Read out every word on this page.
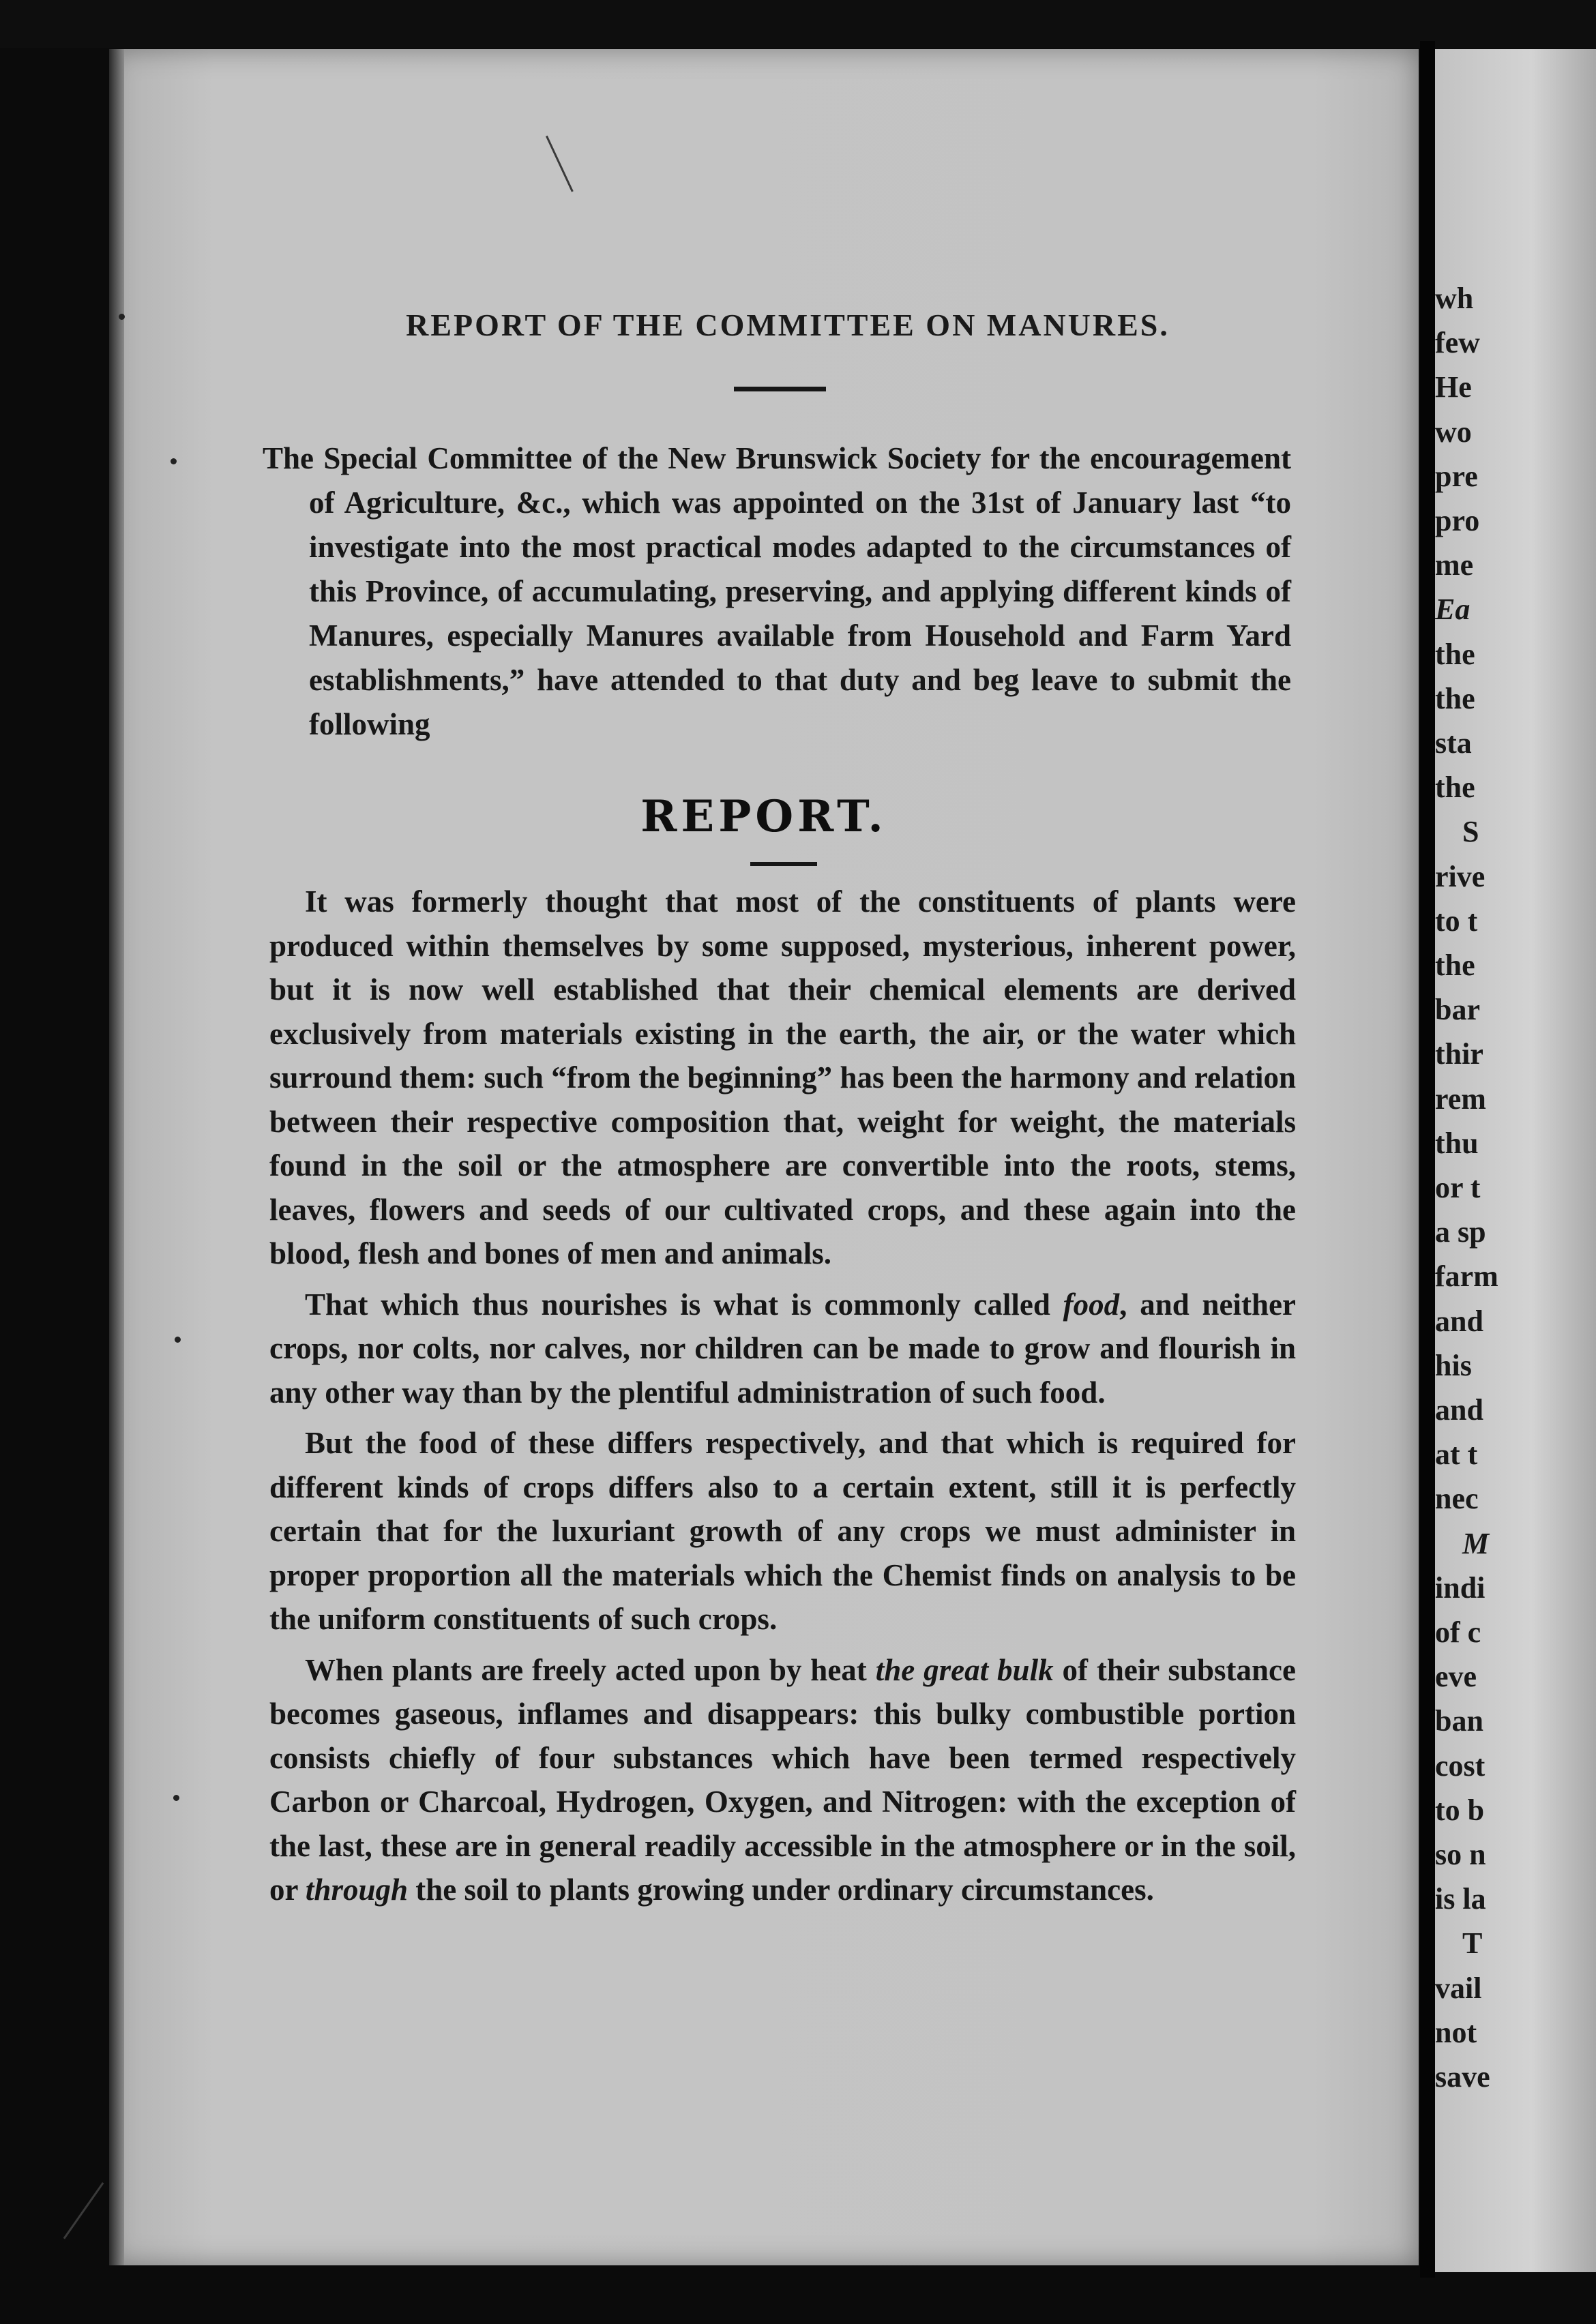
wh
few
He
wo
pre
pro
me
Ea
the
the
sta
the
S
rive
to t
the
bar
thir
rem
thu
or t
a sp
farm
and
his
and
at t
nec
M
indi
of c
eve
ban
cost
to b
so n
is la
T
vail
not
save
REPORT OF THE COMMITTEE ON MANURES.

The Special Committee of the New Brunswick Society for the encouragement of Agriculture, &c., which was appointed on the 31st of January last “to investigate into the most practical modes adapted to the circumstances of this Province, of accumulating, preserving, and applying different kinds of Manures, especially Manures available from Household and Farm Yard establishments,” have attended to that duty and beg leave to submit the following

REPORT.

It was formerly thought that most of the constituents of plants were produced within themselves by some supposed, mysterious, inherent power, but it is now well established that their chemical elements are derived exclusively from materials existing in the earth, the air, or the water which surround them: such “from the beginning” has been the harmony and relation between their respective composition that, weight for weight, the materials found in the soil or the atmosphere are convertible into the roots, stems, leaves, flowers and seeds of our cultivated crops, and these again into the blood, flesh and bones of men and animals.

That which thus nourishes is what is commonly called food, and neither crops, nor colts, nor calves, nor children can be made to grow and flourish in any other way than by the plentiful administration of such food.

But the food of these differs respectively, and that which is required for different kinds of crops differs also to a certain extent, still it is perfectly certain that for the luxuriant growth of any crops we must administer in proper proportion all the materials which the Chemist finds on analysis to be the uniform constituents of such crops.

When plants are freely acted upon by heat the great bulk of their substance becomes gaseous, inflames and disappears: this bulky combustible portion consists chiefly of four substances which have been termed respectively Carbon or Charcoal, Hydrogen, Oxygen, and Nitrogen: with the exception of the last, these are in general readily accessible in the atmosphere or in the soil, or through the soil to plants growing under ordinary circumstances.
